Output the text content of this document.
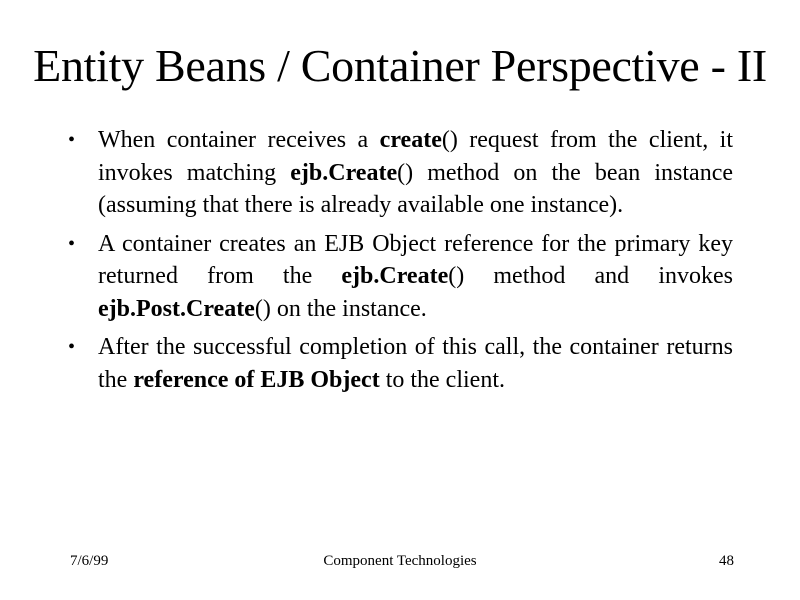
Entity Beans / Container Perspective - II
• When container receives a create() request from the client, it invokes matching ejb.Create() method on the bean instance (assuming that there is already available one instance).
• A container creates an EJB Object reference for the primary key returned from the ejb.Create() method and invokes ejb.Post.Create() on the instance.
• After the successful completion of this call, the container returns the reference of EJB Object to the client.
7/6/99	Component Technologies	48
